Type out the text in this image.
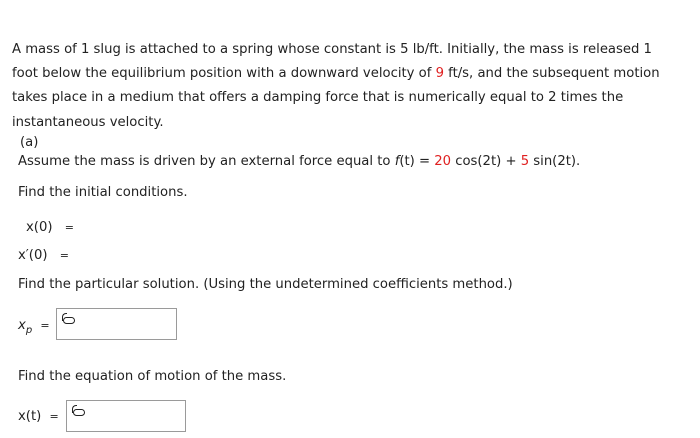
A mass of 1 slug is attached to a spring whose constant is 5 lb/ft. Initially, the mass is released 1 foot below the equilibrium position with a downward velocity of 9 ft/s, and the subsequent motion takes place in a medium that offers a damping force that is numerically equal to 2 times the instantaneous velocity.
(a)
Assume the mass is driven by an external force equal to f(t) = 20 cos(2t) + 5 sin(2t).
Find the initial conditions.
x(0) =
x′(0) =
Find the particular solution. (Using the undetermined coefficients method.)
$x_p$ =
Find the equation of motion of the mass.
x(t) =
